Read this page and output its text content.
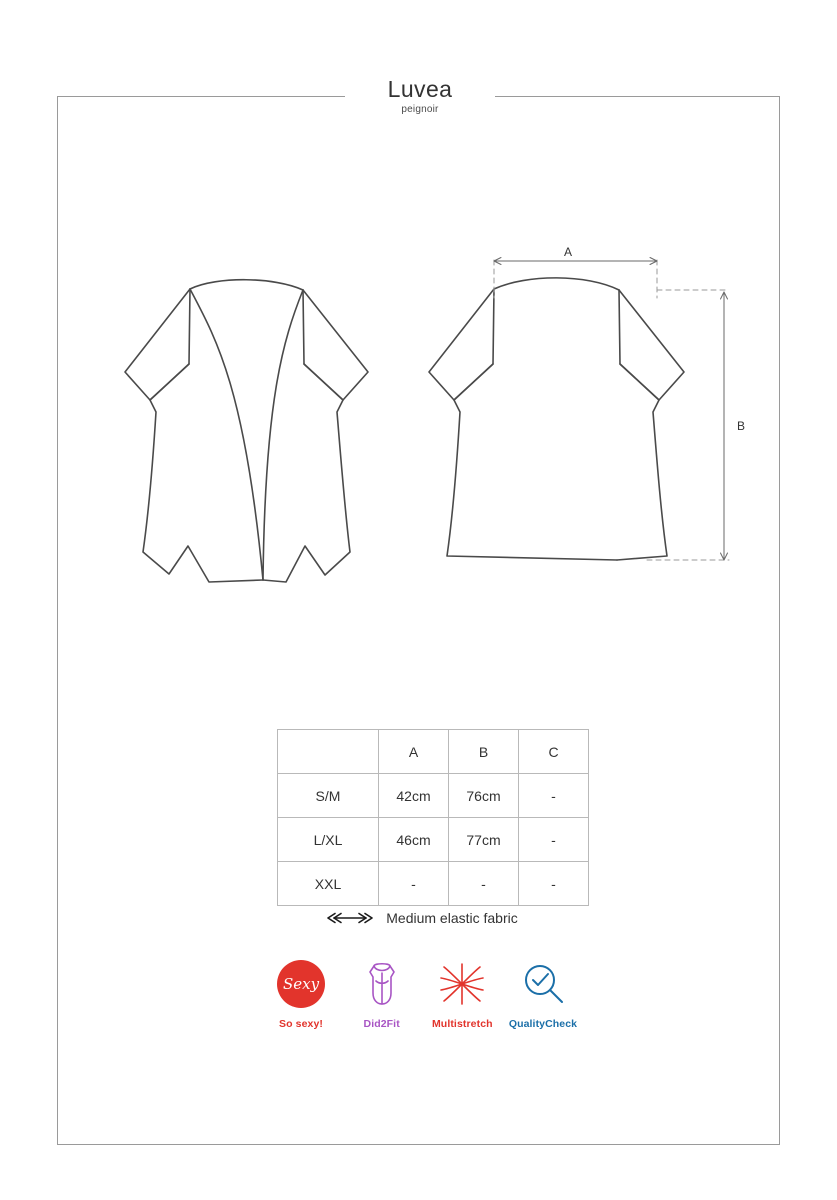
Luvea
peignoir
A
B
	A	B	C
S/M	42cm	76cm	-
L/XL	46cm	77cm	-
XXL	-	-	-
Medium elastic fabric
Sexy
So sexy!	Did2Fit	Multistretch	QualityCheck
